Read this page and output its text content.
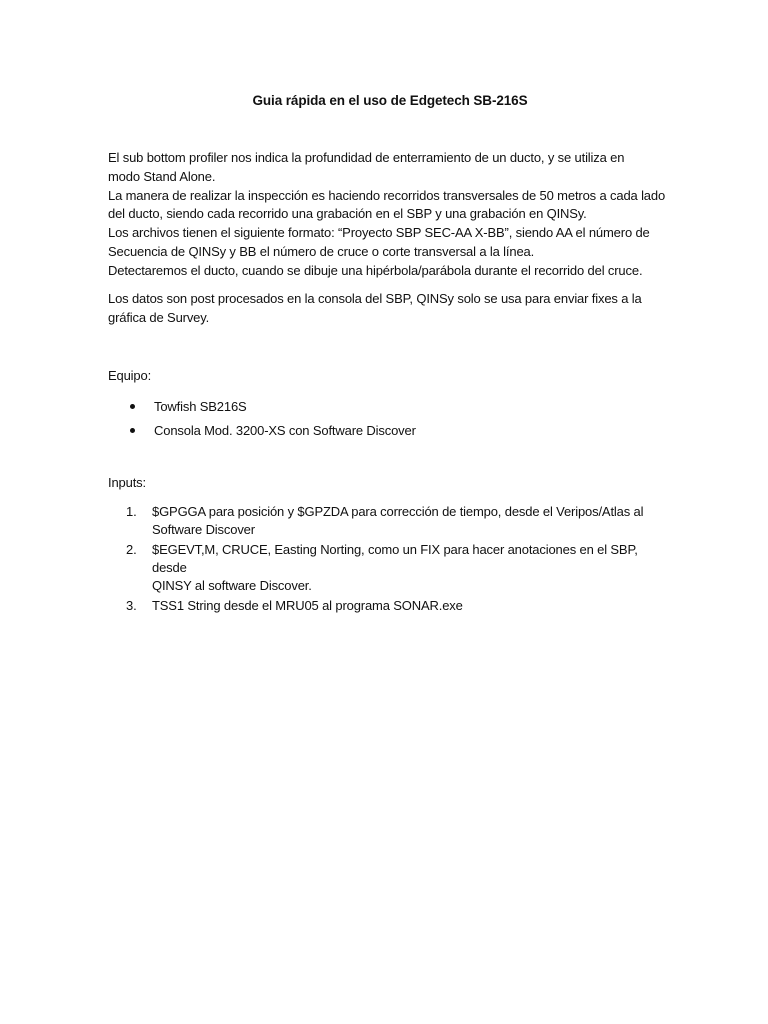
Guia rápida en el uso de Edgetech SB-216S

El sub bottom profiler nos indica la profundidad de enterramiento de un ducto, y se utiliza en

modo Stand Alone.

La manera de realizar la inspección es haciendo recorridos transversales de 50 metros a cada lado

del ducto, siendo cada recorrido una grabación en el SBP y una grabación en QINSy.

Los archivos tienen el siguiente formato: “Proyecto SBP SEC-AA X-BB”, siendo AA el número de

Secuencia de QINSy y BB el número de cruce o corte transversal a la línea.

Detectaremos el ducto, cuando se dibuje una hipérbola/parábola durante el recorrido del cruce.

Los datos son post procesados en la consola del SBP, QINSy solo se usa para enviar fixes a la

gráfica de Survey.

Equipo:
Towfish SB216S
Consola Mod. 3200-XS con Software Discover
Inputs:
1. $GPGGA para posición y $GPZDA para corrección de tiempo, desde el Veripos/Atlas al
Software Discover
2. $EGEVT,M, CRUCE, Easting Norting, como un FIX para hacer anotaciones en el SBP, desde
QINSY al software Discover.
3. TSS1 String desde el MRU05 al programa SONAR.exe
